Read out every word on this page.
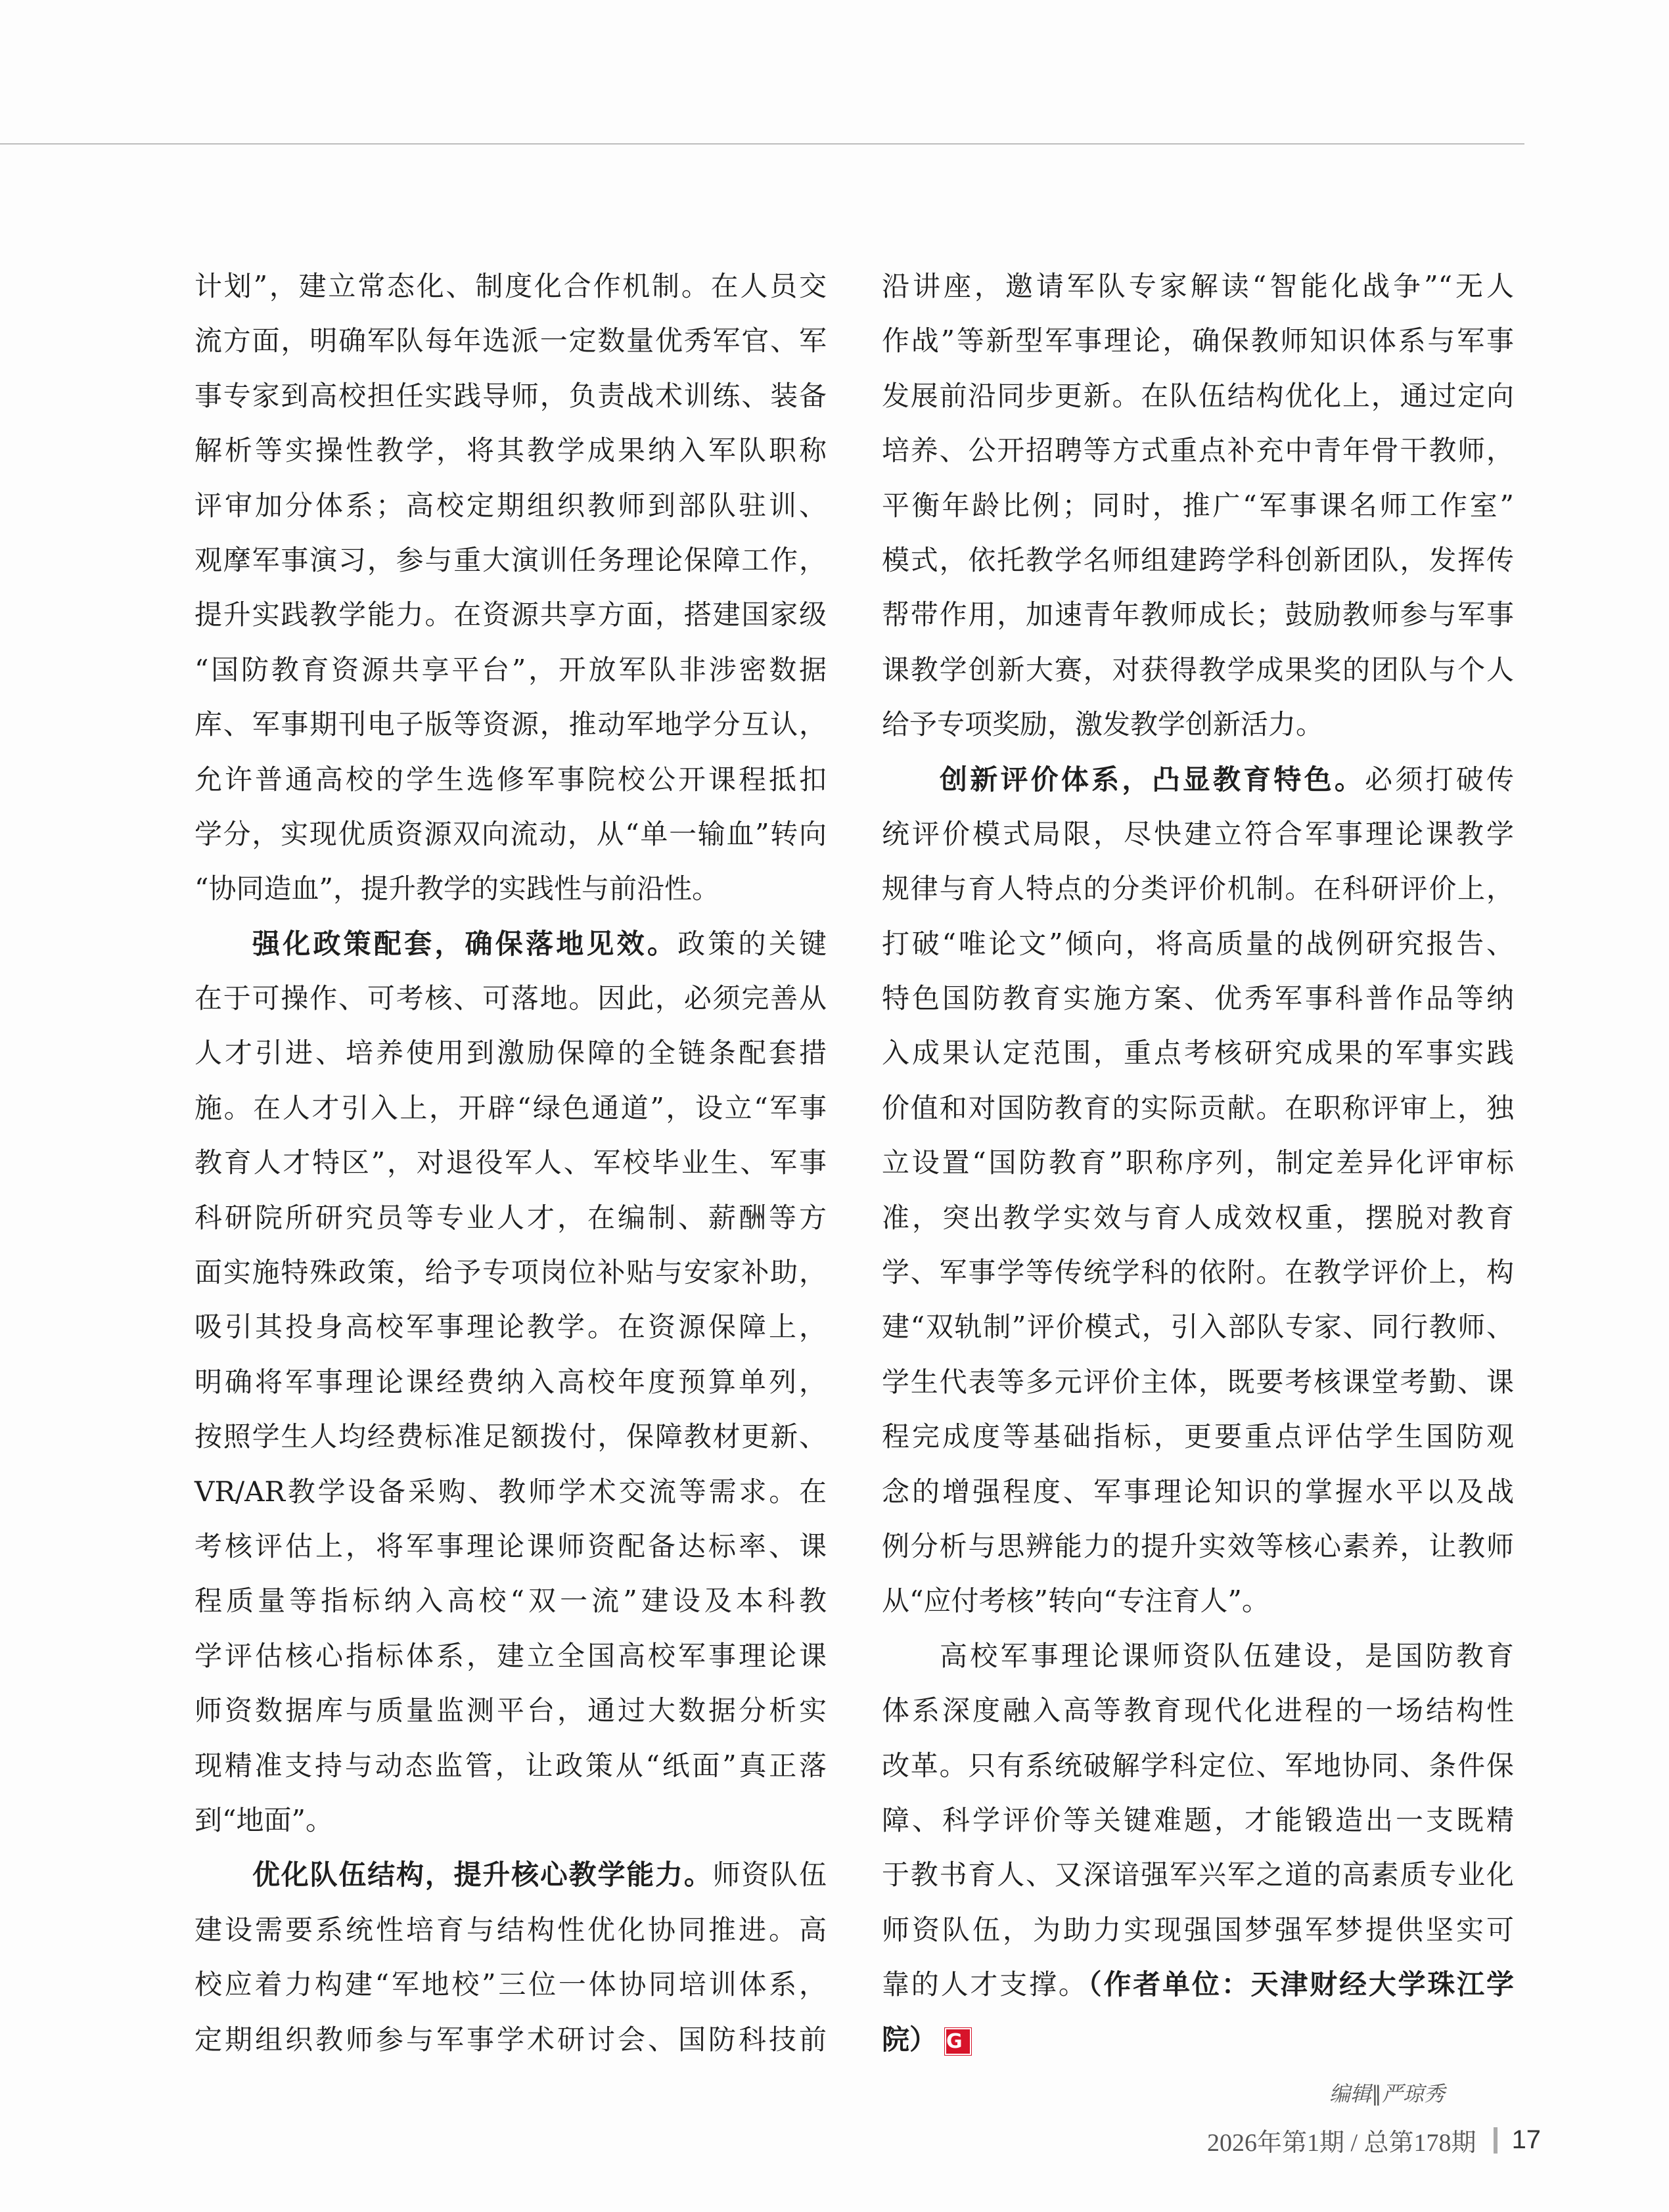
计划”，建立常态化、制度化合作机制。在人员交
流方面，明确军队每年选派一定数量优秀军官、军
事专家到高校担任实践导师，负责战术训练、装备
解析等实操性教学，将其教学成果纳入军队职称
评审加分体系；高校定期组织教师到部队驻训、
观摩军事演习，参与重大演训任务理论保障工作，
提升实践教学能力。在资源共享方面，搭建国家级
“国防教育资源共享平台”，开放军队非涉密数据
库、军事期刊电子版等资源，推动军地学分互认，
允许普通高校的学生选修军事院校公开课程抵扣
学分，实现优质资源双向流动，从“单一输血”转向
“协同造血”，提升教学的实践性与前沿性。
强化政策配套，确保落地见效。政策的关键
在于可操作、可考核、可落地。因此，必须完善从
人才引进、培养使用到激励保障的全链条配套措
施。在人才引入上，开辟“绿色通道”，设立“军事
教育人才特区”，对退役军人、军校毕业生、军事
科研院所研究员等专业人才，在编制、薪酬等方
面实施特殊政策，给予专项岗位补贴与安家补助，
吸引其投身高校军事理论教学。在资源保障上，
明确将军事理论课经费纳入高校年度预算单列，
按照学生人均经费标准足额拨付，保障教材更新、
VR/AR教学设备采购、教师学术交流等需求。在
考核评估上，将军事理论课师资配备达标率、课
程质量等指标纳入高校“双一流”建设及本科教
学评估核心指标体系，建立全国高校军事理论课
师资数据库与质量监测平台，通过大数据分析实
现精准支持与动态监管，让政策从“纸面”真正落
到“地面”。
优化队伍结构，提升核心教学能力。师资队伍
建设需要系统性培育与结构性优化协同推进。高
校应着力构建“军地校”三位一体协同培训体系，
定期组织教师参与军事学术研讨会、国防科技前
沿讲座，邀请军队专家解读“智能化战争”“无人
作战”等新型军事理论，确保教师知识体系与军事
发展前沿同步更新。在队伍结构优化上，通过定向
培养、公开招聘等方式重点补充中青年骨干教师，
平衡年龄比例；同时，推广“军事课名师工作室”
模式，依托教学名师组建跨学科创新团队，发挥传
帮带作用，加速青年教师成长；鼓励教师参与军事
课教学创新大赛，对获得教学成果奖的团队与个人
给予专项奖励，激发教学创新活力。
创新评价体系，凸显教育特色。必须打破传
统评价模式局限，尽快建立符合军事理论课教学
规律与育人特点的分类评价机制。在科研评价上，
打破“唯论文”倾向，将高质量的战例研究报告、
特色国防教育实施方案、优秀军事科普作品等纳
入成果认定范围，重点考核研究成果的军事实践
价值和对国防教育的实际贡献。在职称评审上，独
立设置“国防教育”职称序列，制定差异化评审标
准，突出教学实效与育人成效权重，摆脱对教育
学、军事学等传统学科的依附。在教学评价上，构
建“双轨制”评价模式，引入部队专家、同行教师、
学生代表等多元评价主体，既要考核课堂考勤、课
程完成度等基础指标，更要重点评估学生国防观
念的增强程度、军事理论知识的掌握水平以及战
例分析与思辨能力的提升实效等核心素养，让教师
从“应付考核”转向“专注育人”。
高校军事理论课师资队伍建设，是国防教育
体系深度融入高等教育现代化进程的一场结构性
改革。只有系统破解学科定位、军地协同、条件保
障、科学评价等关键难题，才能锻造出一支既精
于教书育人、又深谙强军兴军之道的高素质专业化
师资队伍，为助力实现强国梦强军梦提供坚实可
靠的人才支撑。（作者单位：天津财经大学珠江学
院） G
编辑∥严琼秀
2026年第1期 / 总第178期 17
